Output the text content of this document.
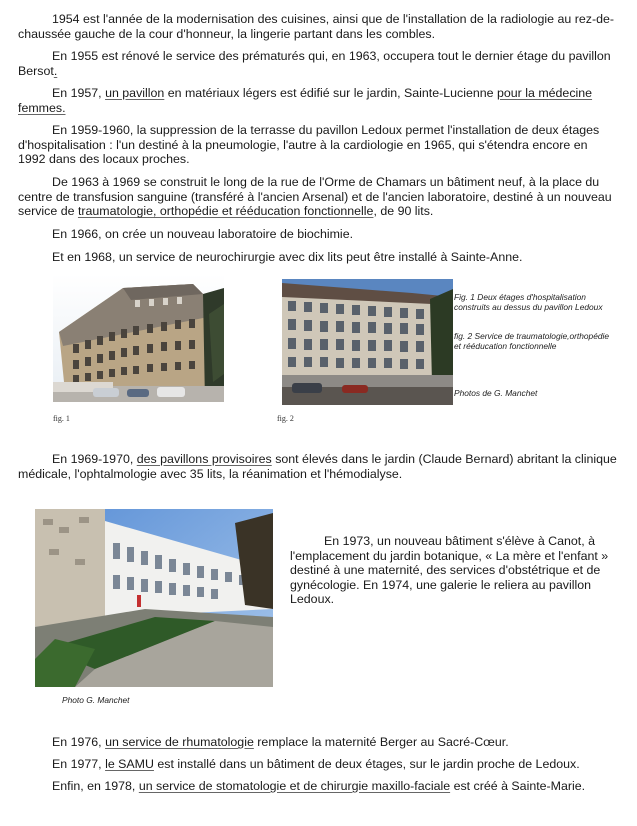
1954 est l'année de la modernisation des cuisines, ainsi que de l'installation de la radiologie au rez-de-chaussée gauche de la cour d'honneur, la lingerie partant dans les combles.

En 1955 est rénové le service des prématurés qui, en 1963, occupera tout le dernier étage du pavillon Bersot.

En 1957, un pavillon en matériaux légers est édifié sur le jardin, Sainte-Lucienne pour la médecine femmes.

En 1959-1960, la suppression de la terrasse du pavillon Ledoux permet l'installation de deux étages d'hospitalisation : l'un destiné à la pneumologie, l'autre à la cardiologie en 1965, qui s'étendra encore en 1992 dans des locaux proches.

De 1963 à 1969 se construit le long de la rue de l'Orme de Chamars un bâtiment neuf, à la place du centre de transfusion sanguine (transféré à l'ancien Arsenal) et de l'ancien laboratoire, destiné à un nouveau service de traumatologie, orthopédie et rééducation fonctionnelle, de 90 lits.

En 1966, on crée un nouveau laboratoire de biochimie.

Et en 1968, un service de neurochirurgie avec dix lits peut être installé à Sainte-Anne.

fig. 1	fig. 2

Fig. 1 Deux étages d'hospitalisation construits au dessus du pavillon Ledoux

fig. 2 Service de traumatologie,orthopédie et rééducation fonctionnelle

Photos de G. Manchet

En 1969-1970, des pavillons provisoires sont élevés dans le jardin (Claude Bernard) abritant la clinique médicale, l'ophtalmologie avec 35 lits, la réanimation et l'hémodialyse.

En 1973, un nouveau bâtiment s'élève à Canot, à l'emplacement du jardin botanique, « La mère et l'enfant » destiné à une maternité, des services d'obstétrique et de gynécologie. En 1974, une galerie le reliera au pavillon Ledoux.

Photo G. Manchet

En 1976, un service de rhumatologie remplace la maternité Berger au Sacré-Cœur.

En 1977, le SAMU est installé dans un bâtiment de deux étages, sur le jardin proche de Ledoux.

Enfin, en 1978, un service de stomatologie et de chirurgie maxillo-faciale est créé à Sainte-Marie.
